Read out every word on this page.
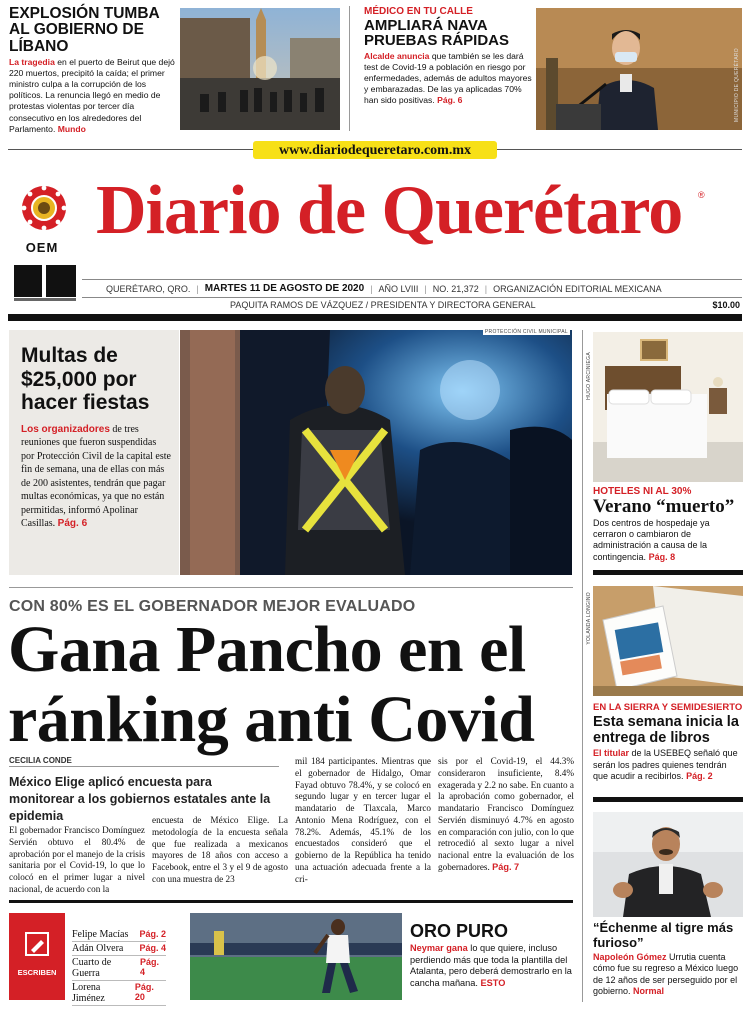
EXPLOSIÓN TUMBA AL GOBIERNO DE LÍBANO
La tragedia en el puerto de Beirut que dejó 220 muertos, precipitó la caída; el primer ministro culpa a la corrupción de los políticos. La renuncia llegó en medio de protestas violentas por tercer día consecutivo en los alrededores del Parlamento. Mundo
MÉDICO EN TU CALLE
AMPLIARÁ NAVA PRUEBAS RÁPIDAS
Alcalde anuncia que también se les dará test de Covid-19 a población en riesgo por enfermedades, además de adultos mayores y embarazadas. De las ya aplicadas 70% han sido positivas. Pág. 6	MUNICIPIO DE QUERÉTARO
www.diariodequeretaro.com.mx
OEM Diario de Querétaro	®
QUERÉTARO, QRO. | MARTES 11 DE AGOSTO DE 2020 | AÑO LVIII | NO. 21,372 | ORGANIZACIÓN EDITORIAL MEXICANA
PAQUITA RAMOS DE VÁZQUEZ / PRESIDENTA Y DIRECTORA GENERAL	$10.00
Multas de $25,000 por hacer fiestas
Los organizadores de tres reuniones que fueron suspendidas por Protección Civil de la capital este fin de semana, una de ellas con más de 200 asistentes, tendrán que pagar multas económicas, ya que no están permitidas, informó Apolinar Casillas. Pág. 6
PROTECCIÓN CIVIL MUNICIPAL
HUGO ARCINIEGA
HOTELES NI AL 30%
Verano “muerto”
Dos centros de hospedaje ya cerraron o cambiaron de administración a causa de la contingencia. Pág. 8
YOLANDA LONGINO
EN LA SIERRA Y SEMIDESIERTO
Esta semana inicia la entrega de libros
El titular de la USEBEQ señaló que serán los padres quienes tendrán que acudir a recibirlos. Pág. 2
“Échenme al tigre más furioso”
Napoleón Gómez Urrutia cuenta cómo fue su regreso a México luego de 12 años de ser perseguido por el gobierno. Normal
CON 80% ES EL GOBERNADOR MEJOR EVALUADO
Gana Pancho en el
ránking anti Covid
CECILIA CONDE
México Elige aplicó encuesta para monitorear a los gobiernos estatales ante la epidemia
El gobernador Francisco Domínguez Servién obtuvo el 80.4% de aprobación por el manejo de la crisis sanitaria por el Covid-19, lo que lo colocó en el primer lugar a nivel nacional, de acuerdo con la
encuesta de México Elige. La metodología de la encuesta señala que fue realizada a mexicanos mayores de 18 años con acceso a Facebook, entre el 3 y el 9 de agosto con una muestra de 23
mil 184 participantes. Mientras que el gobernador de Hidalgo, Omar Fayad obtuvo 78.4%, y se colocó en segundo lugar y en tercer lugar el mandatario de Tlaxcala, Marco Antonio Mena Rodríguez, con el 78.2%. Además, 45.1% de los encuestados consideró que el gobierno de la República ha tenido una actuación adecuada frente a la cri-
sis por el Covid-19, el 44.3% consideraron insuficiente, 8.4% exagerada y 2.2 no sabe. En cuanto a la aprobación como gobernador, el mandatario Francisco Domínguez Servién disminuyó 4.7% en agosto en comparación con julio, con lo que retrocedió al sexto lugar a nivel nacional entre la evaluación de los gobernadores. Pág. 7
ESCRIBEN
Felipe Macías Pág. 2
Adán Olvera Pág. 4
Cuarto de Guerra
Pág. 4
Lorena Jiménez
Pág. 20
ORO PURO
Neymar gana lo que quiere, incluso perdiendo más que toda la plantilla del Atalanta, pero deberá demostrarlo en la cancha mañana. ESTO
